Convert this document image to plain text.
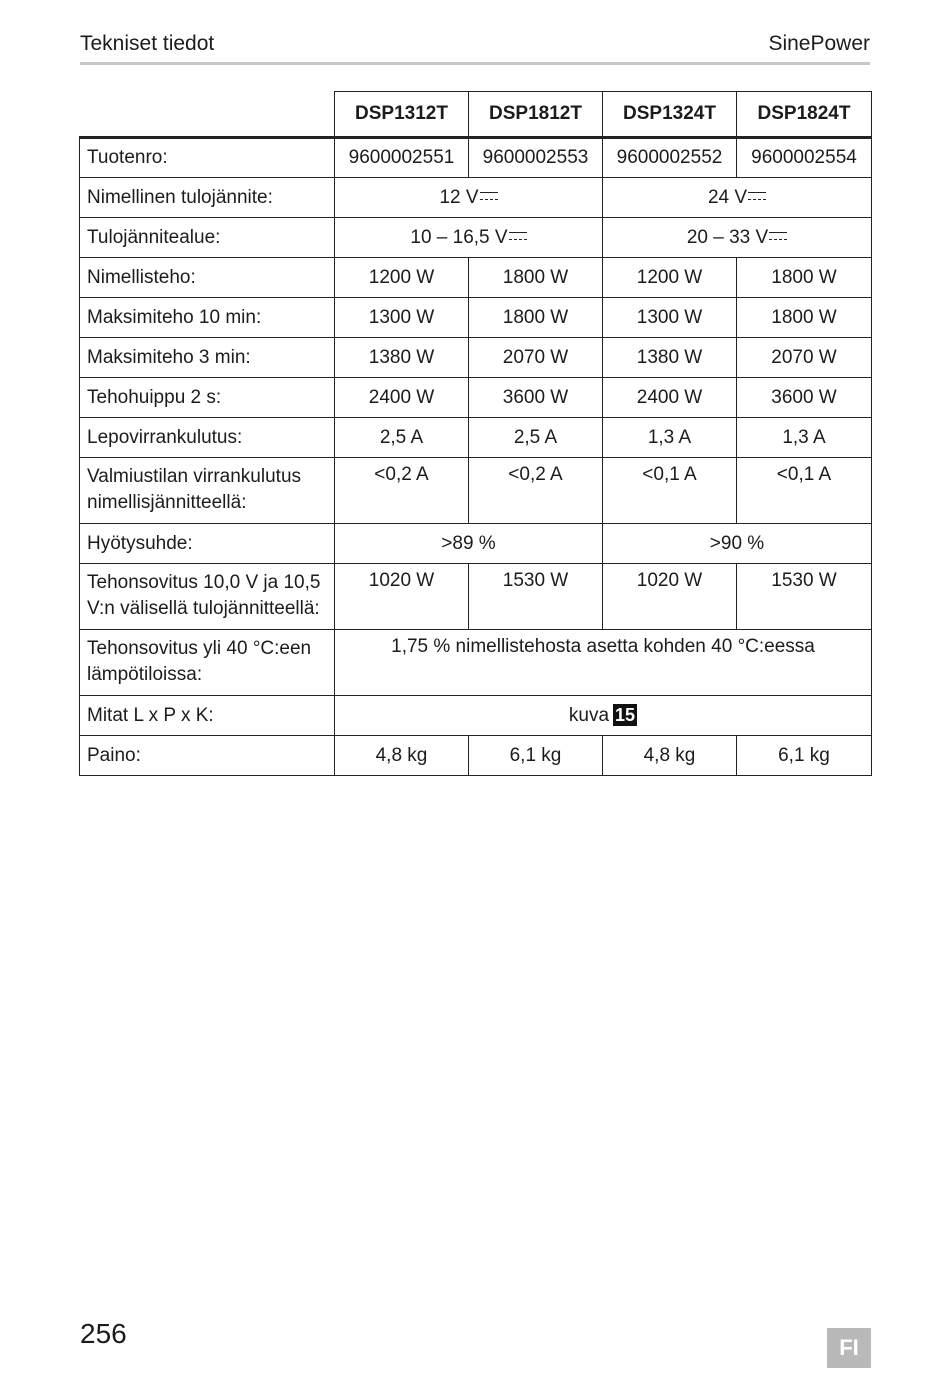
Tekniset tiedot	SinePower
	DSP1312T	DSP1812T	DSP1324T	DSP1824T
Tuotenro:	9600002551	9600002553	9600002552	9600002554
Nimellinen tulojännite:	12 V		24 V	
Tulojännitealue:	10 – 16,5 V		20 – 33 V	
Nimellisteho:	1200 W	1800 W	1200 W	1800 W
Maksimiteho 10 min:	1300 W	1800 W	1300 W	1800 W
Maksimiteho 3 min:	1380 W	2070 W	1380 W	2070 W
Tehohuippu 2 s:	2400 W	3600 W	2400 W	3600 W
Lepovirrankulutus:	2,5 A	2,5 A	1,3 A	1,3 A
Valmiustilan virrankulutus nimellisjännitteellä:	<0,2 A	<0,2 A	<0,1 A	<0,1 A
Hyötysuhde:	>89 %		>90 %	
Tehonsovitus 10,0 V ja 10,5 V:n välisellä tulojännitteellä:	1020 W	1530 W	1020 W	1530 W
Tehonsovitus yli 40 °C:een lämpötiloissa:	1,75 % nimellistehosta asetta kohden 40 °C:eessa			
Mitat L x P x K:	kuva 15			
Paino:	4,8 kg	6,1 kg	4,8 kg	6,1 kg
256	FI
